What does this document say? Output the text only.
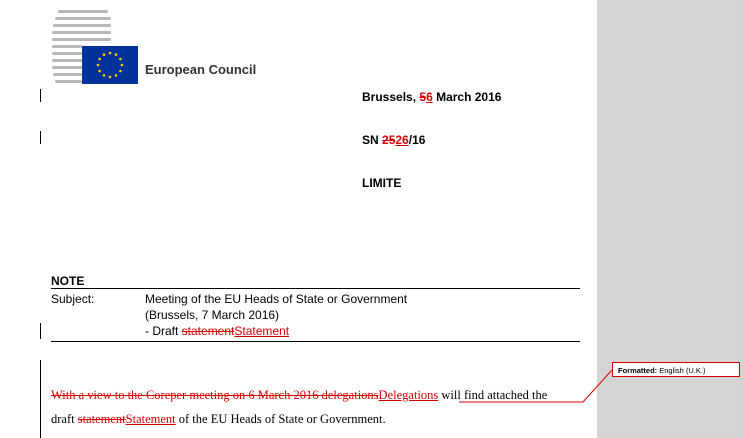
European Council
Brussels, 56 March 2016
SN 2526/16
LIMITE
NOTE
Subject:	Meeting of the EU Heads of State or Government
(Brussels, 7 March 2016)
- Draft statementStatement
With a view to the Coreper meeting on 6 March 2016 delegationsDelegations will find attached the
draft statementStatement of the EU Heads of State or Government.
Formatted: English (U.K.)
